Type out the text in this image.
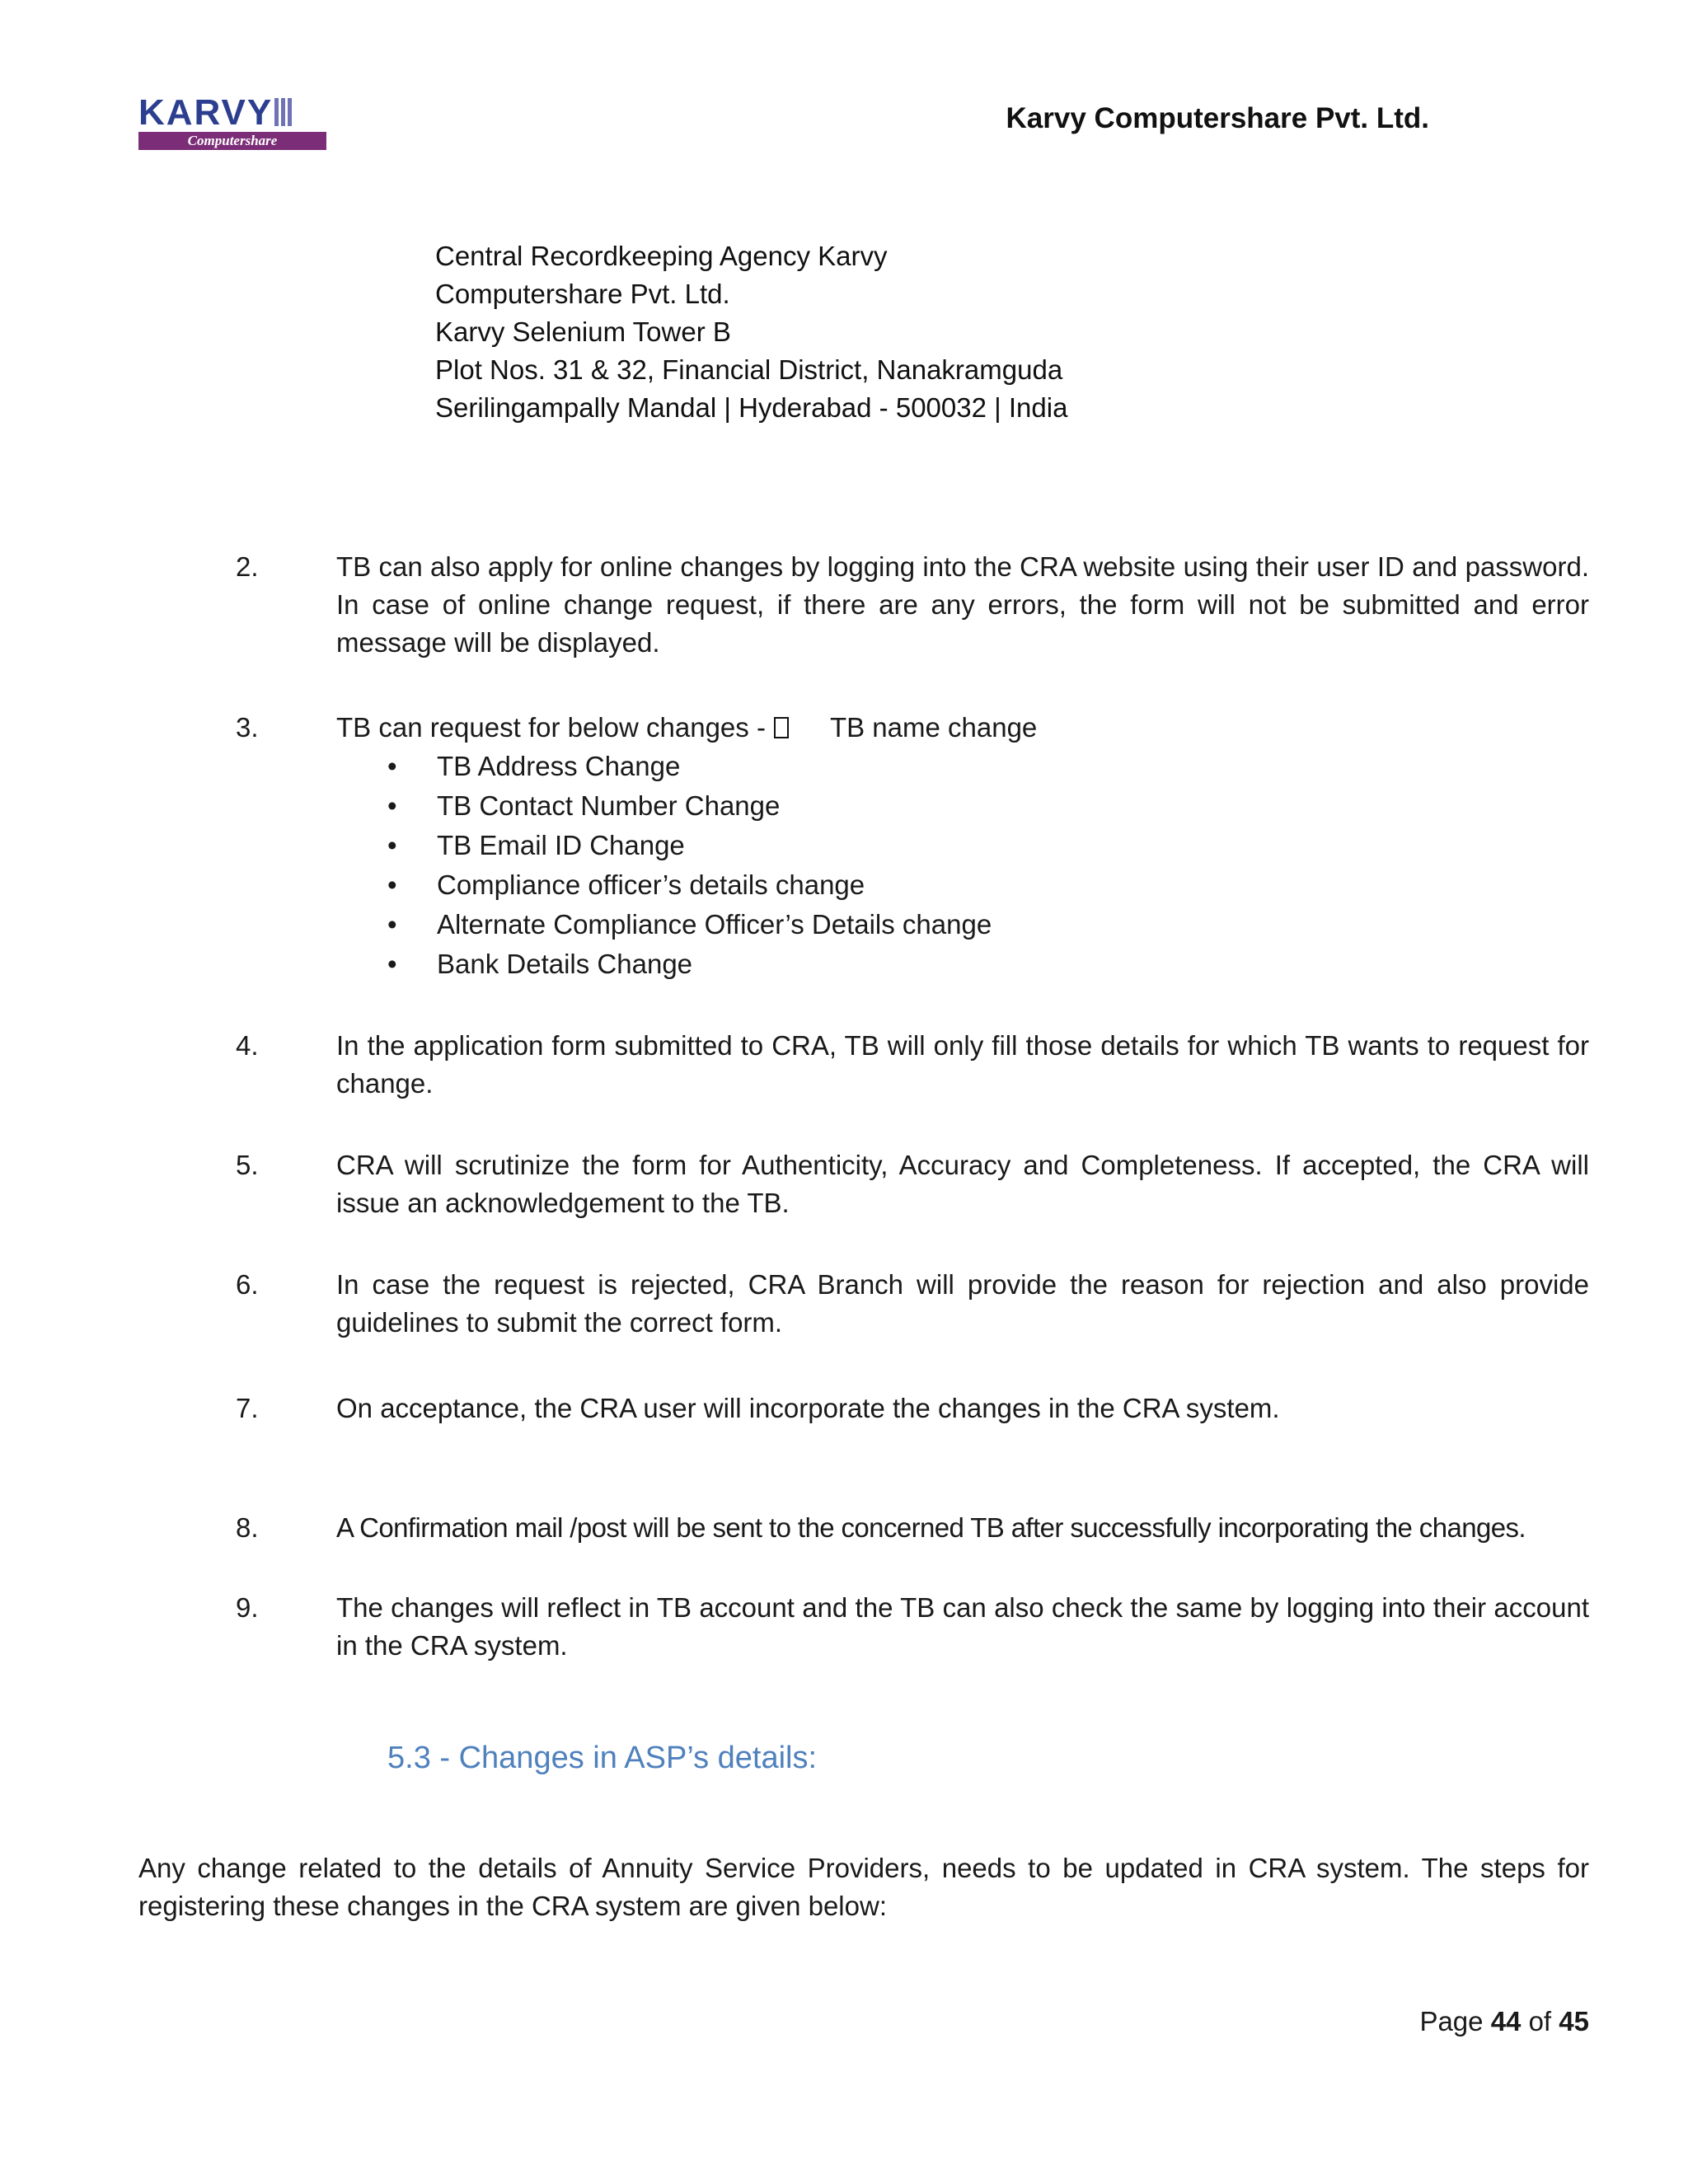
KARVY
Computershare
Karvy Computershare Pvt. Ltd.
Central Recordkeeping Agency Karvy
Computershare Pvt. Ltd.
Karvy Selenium Tower B
Plot Nos. 31 & 32, Financial District, Nanakramguda
Serilingampally Mandal | Hyderabad - 500032 | India
2.	TB can also apply for online changes by logging into the CRA website using their user ID and password. In case of online change request, if there are any errors, the form will not be submitted and error message will be displayed.
3.	TB can request for below changes - TB name change
• TB Address Change
• TB Contact Number Change
• TB Email ID Change
• Compliance officer’s details change
• Alternate Compliance Officer’s Details change
• Bank Details Change
4.	In the application form submitted to CRA, TB will only fill those details for which TB wants to request for change.
5.	CRA will scrutinize the form for Authenticity, Accuracy and Completeness. If accepted, the CRA will issue an acknowledgement to the TB.
6.	In case the request is rejected, CRA Branch will provide the reason for rejection and also provide guidelines to submit the correct form.
7.	On acceptance, the CRA user will incorporate the changes in the CRA system.
8.	A Confirmation mail /post will be sent to the concerned TB after successfully incorporating the changes.
9.	The changes will reflect in TB account and the TB can also check the same by logging into their account in the CRA system.
5.3 - Changes in ASP’s details:
Any change related to the details of Annuity Service Providers, needs to be updated in CRA system. The steps for registering these changes in the CRA system are given below:
Page 44 of 45
